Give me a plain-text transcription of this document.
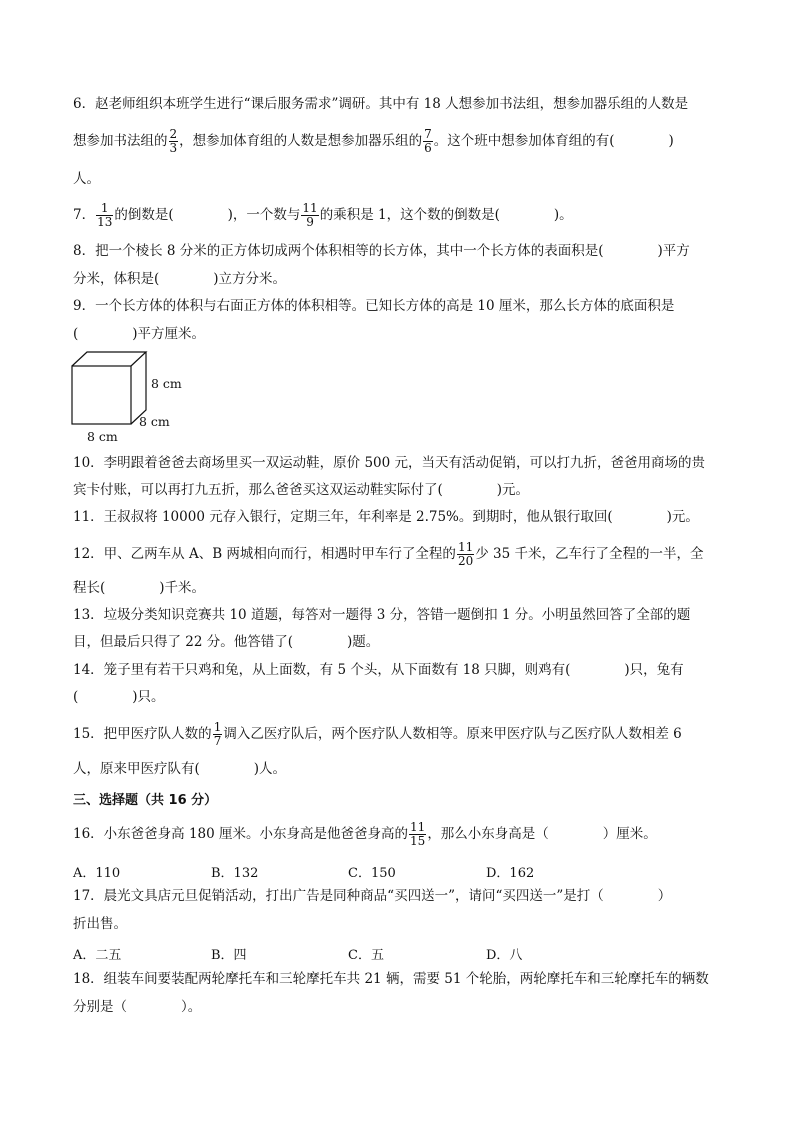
6．赵老师组织本班学生进行“课后服务需求”调研。其中有 18 人想参加书法组，想参加器乐组的人数是
想参加书法组的 $\frac{2}{3}$ ，想参加体育组的人数是想参加器乐组的 $\frac{7}{6}$ 。这个班中想参加体育组的有(　　　　)
人。
7． $\frac{1}{13}$ 的倒数是(　　　　)，一个数与 $\frac{11}{9}$ 的乘积是 1，这个数的倒数是(　　　　)。
8．把一个棱长 8 分米的正方体切成两个体积相等的长方体，其中一个长方体的表面积是(　　　　)平方
分米，体积是(　　　　)立方分米。
9．一个长方体的体积与右面正方体的体积相等。已知长方体的高是 10 厘米，那么长方体的底面积是
(　　　　)平方厘米。
8 cm
8 cm
8 cm
10．李明跟着爸爸去商场里买一双运动鞋，原价 500 元，当天有活动促销，可以打九折，爸爸用商场的贵
宾卡付账，可以再打九五折，那么爸爸买这双运动鞋实际付了(　　　　)元。
11．王叔叔将 10000 元存入银行，定期三年，年利率是 2.75%。到期时，他从银行取回(　　　　)元。
12．甲、乙两车从 A、B 两城相向而行，相遇时甲车行了全程的 $\frac{11}{20}$ 少 35 千米，乙车行了全程的一半，全
程长(　　　　)千米。
13．垃圾分类知识竞赛共 10 道题，每答对一题得 3 分，答错一题倒扣 1 分。小明虽然回答了全部的题
目，但最后只得了 22 分。他答错了(　　　　)题。
14．笼子里有若干只鸡和兔，从上面数，有 5 个头，从下面数有 18 只脚，则鸡有(　　　　)只，兔有
(　　　　)只。
15．把甲医疗队人数的 $\frac{1}{7}$ 调入乙医疗队后，两个医疗队人数相等。原来甲医疗队与乙医疗队人数相差 6
人，原来甲医疗队有(　　　　)人。
三、选择题（共 16 分）
16．小东爸爸身高 180 厘米。小东身高是他爸爸身高的 $\frac{11}{15}$ ，那么小东身高是（　　　　）厘米。
A．110	B．132	C．150	D．162
17．晨光文具店元旦促销活动，打出广告是同种商品“买四送一”，请问“买四送一”是打（　　　　）
折出售。
A．二五	B．四	C．五	D．八
18．组装车间要装配两轮摩托车和三轮摩托车共 21 辆，需要 51 个轮胎，两轮摩托车和三轮摩托车的辆数
分别是（　　　　）。
